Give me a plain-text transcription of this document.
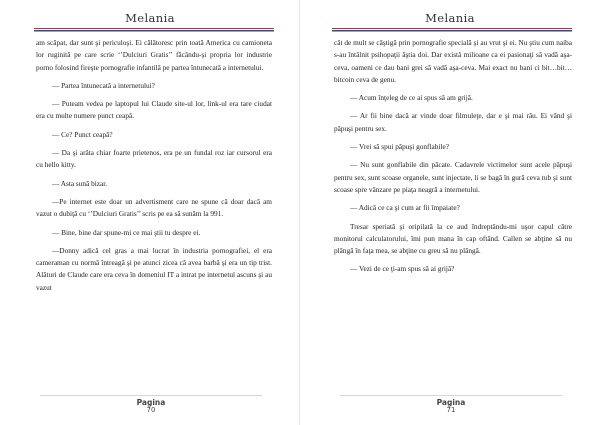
Melania

am scăpat, dar sunt şi periculoşi. Ei călătoresc prin toată America cu camioneta lor ruginită pe care scrie ‘’Dulciuri Gratis’’ făcându-şi propria lor industrie porno folosind fireşte pornografie infantilă pe partea întunecată a internetului.

— Partea întunecată a internetului?

— Puteam vedea pe laptopul lui Claude site-ul lor, link-ul era tare ciudat era cu multe numere punct ceapă.

— Ce? Punct ceapă?

— Da şi arăta chiar foarte prietenos, era pe un fundal roz iar cursorul era cu hello kitty.

— Asta sună bizar.

—Pe internet este doar un advertisment care ne spune că doar dacă am vazut o dubiţă cu ‘’Dulciuri Gratis’’ scris pe ea să sunăm la 991.

— Bine, bine dar spune-mi ce mai ştii tu despre ei.

—Donny adică cel gras a mai lucrat în industria pornografiei, el era cameraman cu normă întreagă şi pe atunci zicea că avea barbă şi era un tip trist. Alături de Claude care era ceva în domeniul IT a intrat pe internetul ascuns şi au vazut

Pagina
70
Melania

cât de mult se câştigă prin pornografie specială şi au vrut şi ei. Nu ştiu cum naiba s-au întâlnit psihopaţii ăştia doi. Dar există milioane ca ei pasionaţi să vadă aşa-ceva, oameni ce dau bani grei să vadă aşa-ceva. Mai exact nu bani ci bit…bit…bitcoin ceva de genu.

— Acum înţeleg de ce ai spus să am grijă.

— Ar fii bine dacă ar vinde doar filmuleţe, dar e şi mai rău. Ei vând şi păpuşi pentru sex.

— Vrei să spui păpuşi gonflabile?

— Nu sunt gonflabile din păcate. Cadavrele victimelor sunt acele păpuşi pentru sex, sunt scoase organele, sunt injectate, li se bagă în gură ceva tub şi sunt scoase spre vânzare pe piaţa neagră a internetului.

— Adică ce ca şi cum ar fii împaiate?

Tresar speriată şi oripilată la ce aud îndreptându-mi uşor capul către monitorul calculatorului, îmi pun mana în cap oftând. Callen se abţine să nu plângă în faţa mea, se abţine cu greu să nu plângă.

— Vezi de ce ţi-am spus să ai grijă?

Pagina
71
